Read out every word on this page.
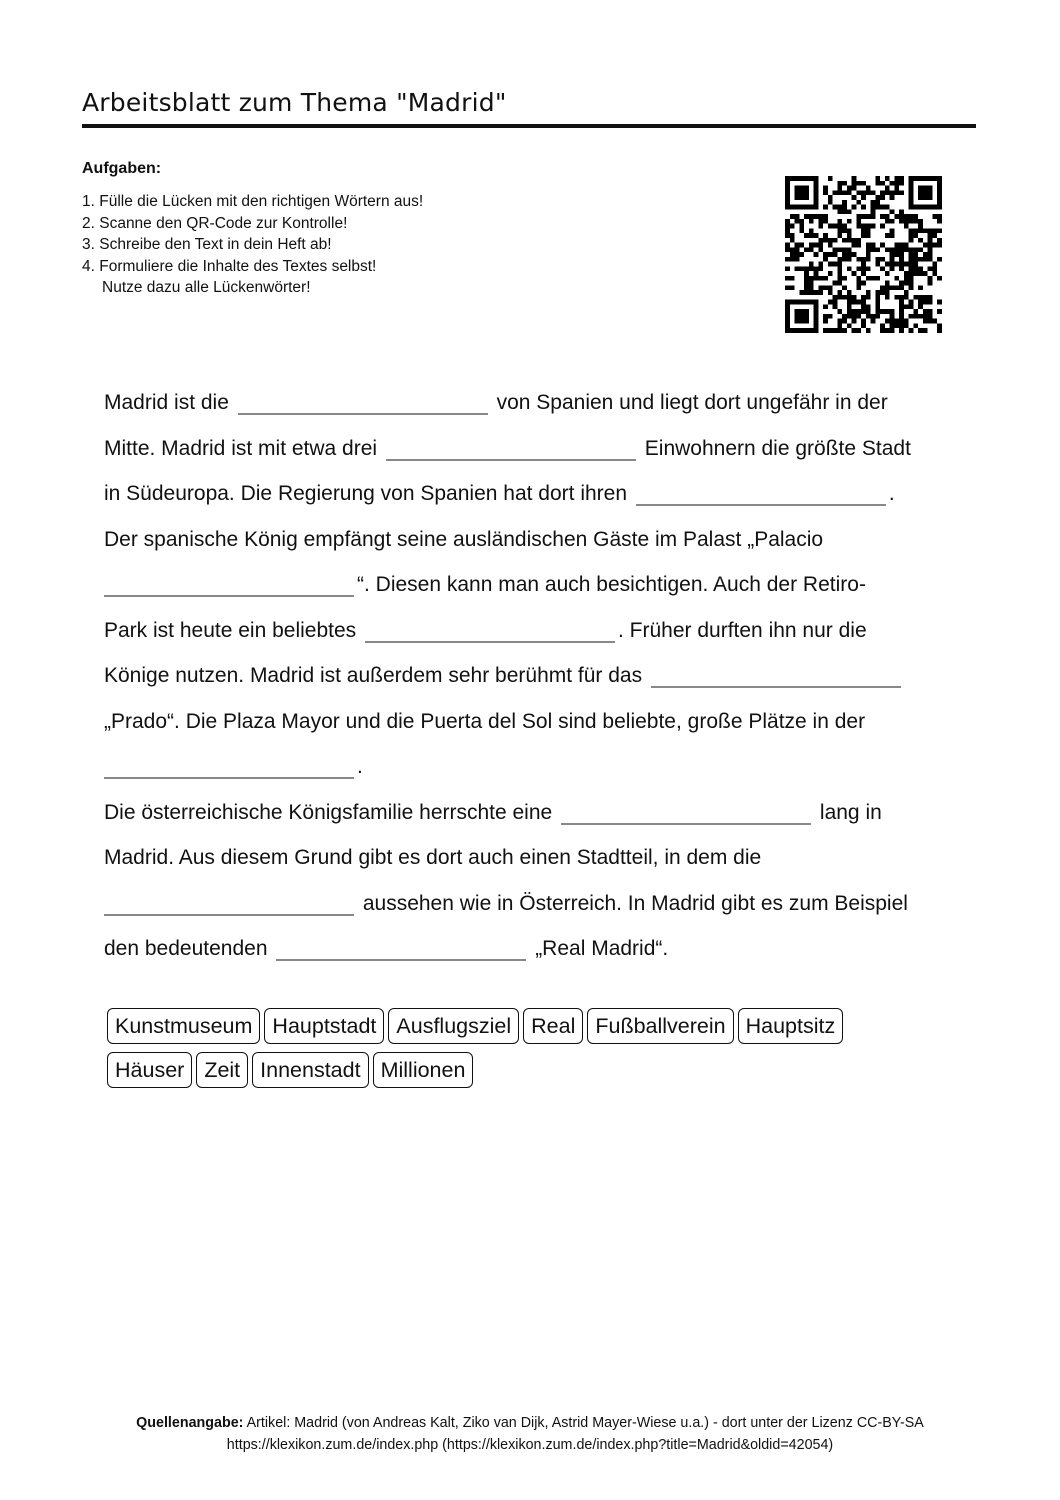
Arbeitsblatt zum Thema "Madrid"
Aufgaben:
1. Fülle die Lücken mit den richtigen Wörtern aus!
2. Scanne den QR-Code zur Kontrolle!
3. Schreibe den Text in dein Heft ab!
4. Formuliere die Inhalte des Textes selbst!
Nutze dazu alle Lückenwörter!
Madrid ist die	von Spanien und liegt dort ungefähr in der
Mitte. Madrid ist mit etwa drei	Einwohnern die größte Stadt
in Südeuropa. Die Regierung von Spanien hat dort ihren	.
Der spanische König empfängt seine ausländischen Gäste im Palast „Palacio
“. Diesen kann man auch besichtigen. Auch der Retiro-
Park ist heute ein beliebtes	. Früher durften ihn nur die
Könige nutzen. Madrid ist außerdem sehr berühmt für das
„Prado“. Die Plaza Mayor und die Puerta del Sol sind beliebte, große Plätze in der
.
Die österreichische Königsfamilie herrschte eine	lang in
Madrid. Aus diesem Grund gibt es dort auch einen Stadtteil, in dem die
aussehen wie in Österreich. In Madrid gibt es zum Beispiel
den bedeutenden	„Real Madrid“.
Kunstmuseum Hauptstadt Ausflugsziel Real Fußballverein Hauptsitz
Häuser Zeit Innenstadt Millionen
Quellenangabe: Artikel: Madrid (von Andreas Kalt, Ziko van Dijk, Astrid Mayer-Wiese u.a.) - dort unter der Lizenz CC-BY-SA
https://klexikon.zum.de/index.php (https://klexikon.zum.de/index.php?title=Madrid&oldid=42054)
